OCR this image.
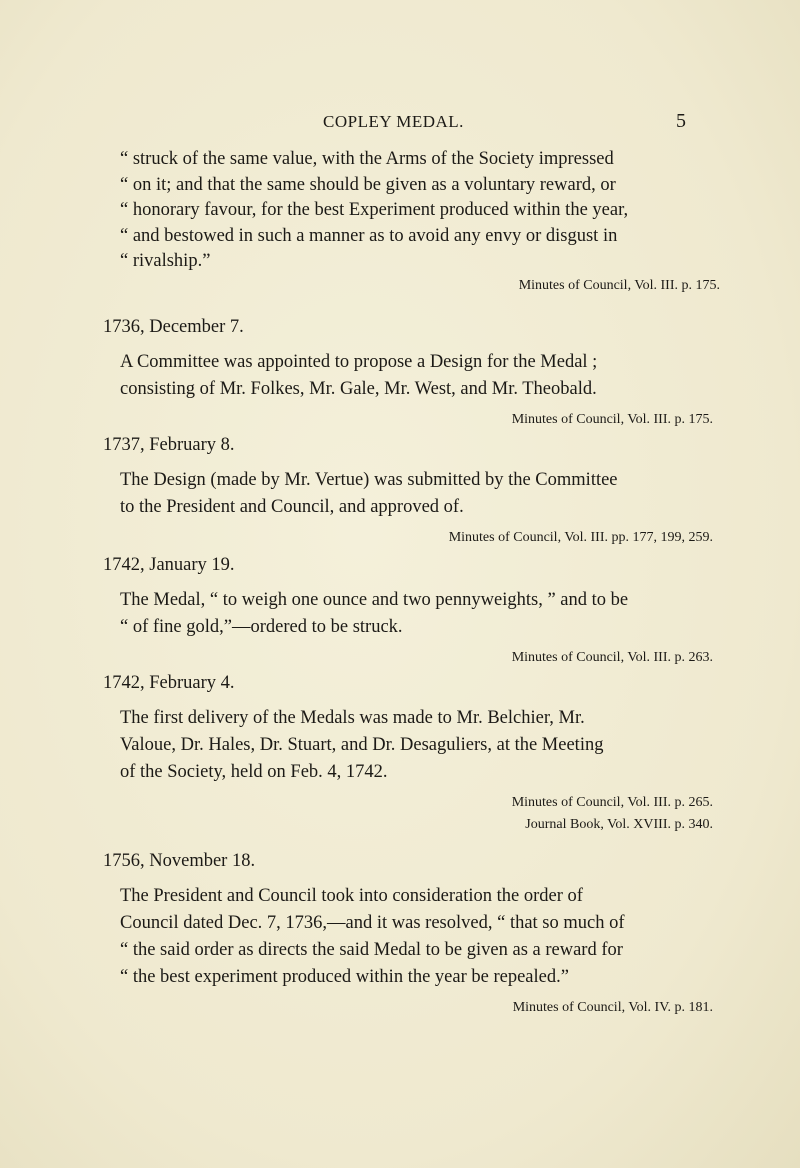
COPLEY MEDAL.	5
“ struck of the same value, with the Arms of the Society impressed
“ on it; and that the same should be given as a voluntary reward, or
“ honorary favour, for the best Experiment produced within the year,
“ and bestowed in such a manner as to avoid any envy or disgust in
“ rivalship.”
Minutes of Council, Vol. III. p. 175.
1736, December 7.
A Committee was appointed to propose a Design for the Medal ;
consisting of Mr. Folkes, Mr. Gale, Mr. West, and Mr. Theobald.
Minutes of Council, Vol. III. p. 175.
1737, February 8.
The Design (made by Mr. Vertue) was submitted by the Committee
to the President and Council, and approved of.
Minutes of Council, Vol. III. pp. 177, 199, 259.
1742, January 19.
The Medal, “ to weigh one ounce and two pennyweights, ” and to be
“ of fine gold,”—ordered to be struck.
Minutes of Council, Vol. III. p. 263.
1742, February 4.
The first delivery of the Medals was made to Mr. Belchier, Mr.
Valoue, Dr. Hales, Dr. Stuart, and Dr. Desaguliers, at the Meeting
of the Society, held on Feb. 4, 1742.
Minutes of Council, Vol. III. p. 265.
Journal Book, Vol. XVIII. p. 340.
1756, November 18.
The President and Council took into consideration the order of
Council dated Dec. 7, 1736,—and it was resolved, “ that so much of
“ the said order as directs the said Medal to be given as a reward for
“ the best experiment produced within the year be repealed.”
Minutes of Council, Vol. IV. p. 181.
